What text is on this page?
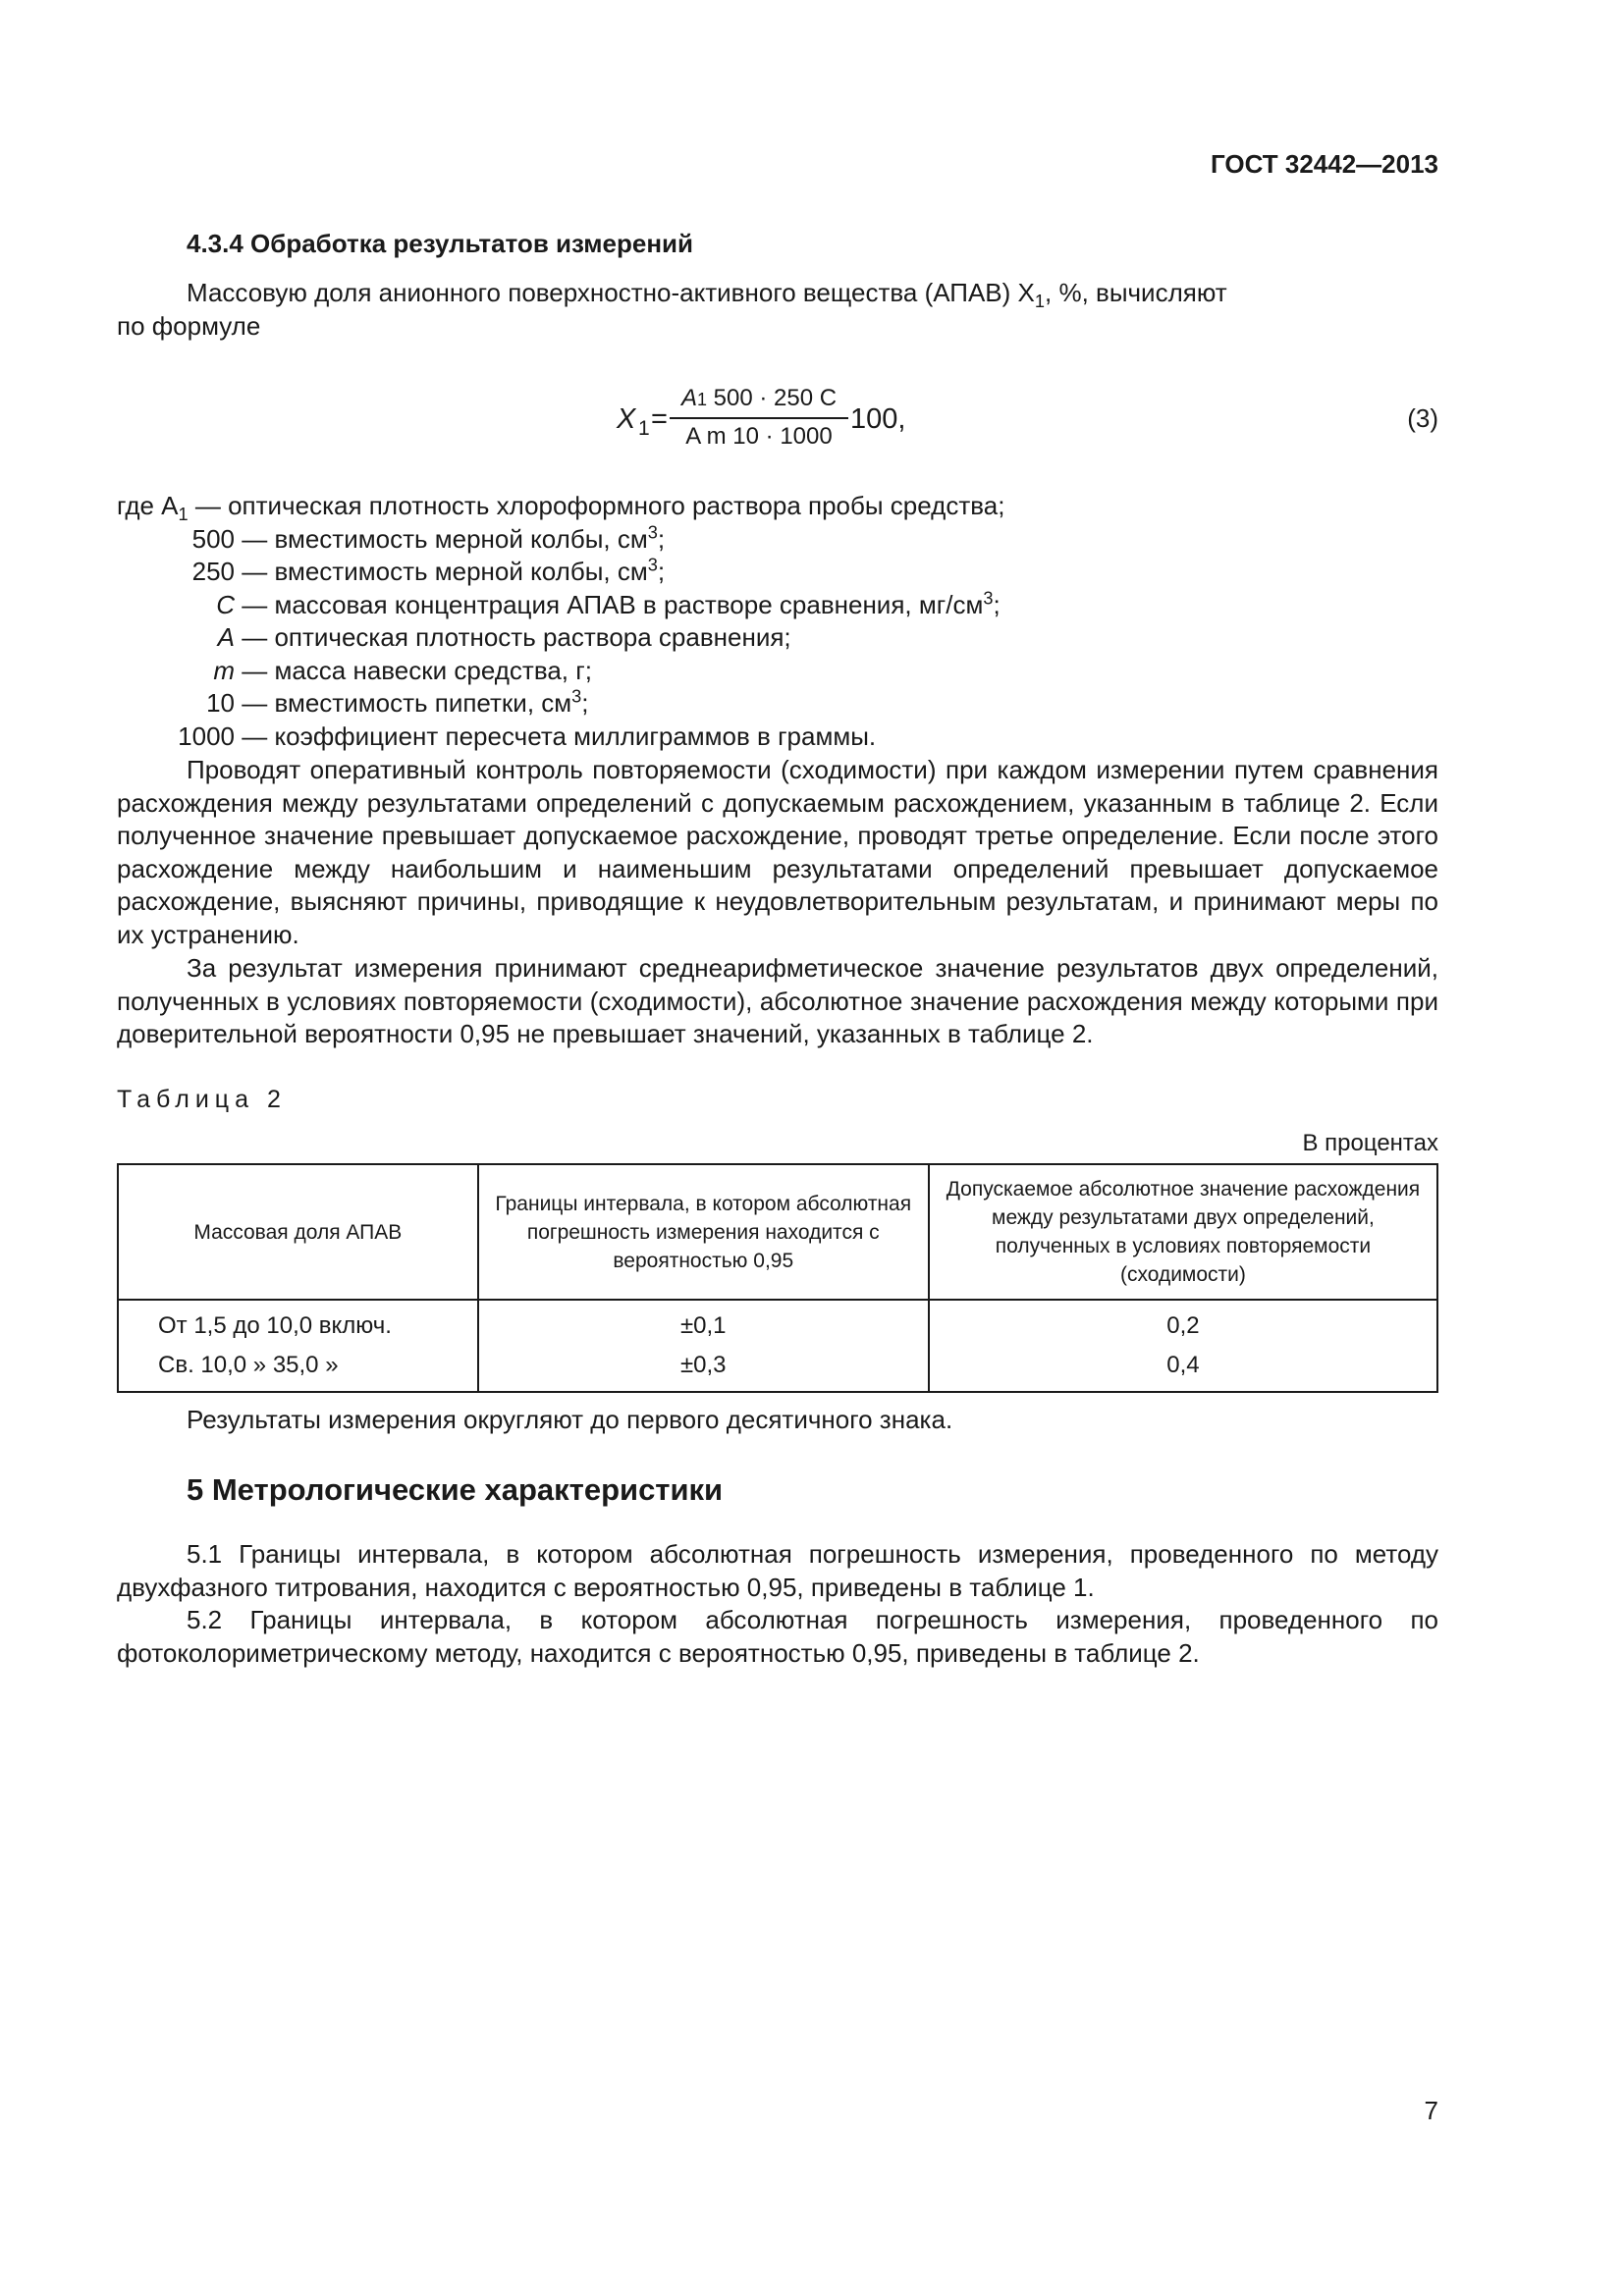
ГОСТ 32442—2013
4.3.4 Обработка результатов измерений
Массовую доля анионного поверхностно-активного вещества (АПАВ) $X_1$, %, вычисляют
по формуле
X $1 = \frac{A1 500 \cdot 250 C}{\text{A m 10 · 1000}} 100$,	(3)
где $A_1$ — оптическая плотность хлороформного раствора пробы средства;
500 — вместимость мерной колбы, $см^3$;
250 — вместимость мерной колбы, $см^3$;
C — массовая концентрация АПАВ в растворе сравнения, $мг/см^3$;
A — оптическая плотность раствора сравнения;
m — масса навески средства, г;
10 — вместимость пипетки, $см^3$;
1000 — коэффициент пересчета миллиграммов в граммы.
Проводят оперативный контроль повторяемости (сходимости) при каждом измерении путем сравнения расхождения между результатами определений с допускаемым расхождением, указанным в таблице 2. Если полученное значение превышает допускаемое расхождение, проводят третье определение. Если после этого расхождение между наибольшим и наименьшим результатами определений превышает допускаемое расхождение, выясняют причины, приводящие к неудовлетворительным результатам, и принимают меры по их устранению.
За результат измерения принимают среднеарифметическое значение результатов двух определений, полученных в условиях повторяемости (сходимости), абсолютное значение расхождения между которыми при доверительной вероятности 0,95 не превышает значений, указанных в таблице 2.
Таблица 2
В процентах
Массовая доля АПАВ	Границы интервала, в котором абсолютная погрешность измерения находится с вероятностью 0,95	Допускаемое абсолютное значение расхождения между результатами двух определений, полученных в условиях повторяемости (сходимости)
От 1,5 до 10,0 включ.	±0,1	0,2
Св. 10,0 » 35,0 »	±0,3	0,4
Результаты измерения округляют до первого десятичного знака.
5 Метрологические характеристики
5.1 Границы интервала, в котором абсолютная погрешность измерения, проведенного по методу двухфазного титрования, находится с вероятностью 0,95, приведены в таблице 1.
5.2 Границы интервала, в котором абсолютная погрешность измерения, проведенного по фотоколориметрическому методу, находится с вероятностью 0,95, приведены в таблице 2.
7
